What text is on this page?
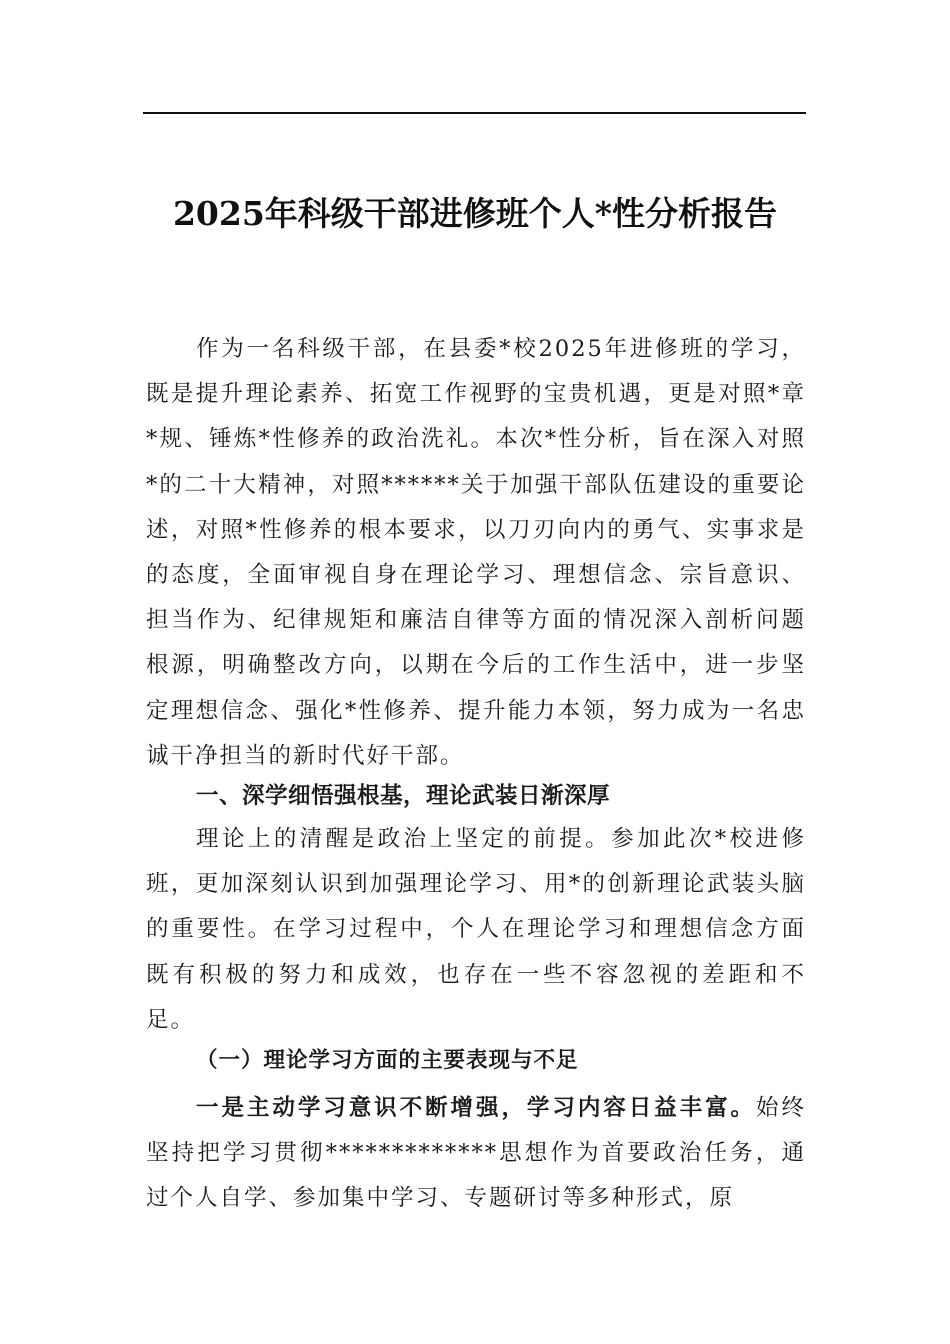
2025年科级干部进修班个人*性分析报告

作为一名科级干部，在县委*校2025年进修班的学习，既是提升理论素养、拓宽工作视野的宝贵机遇，更是对照*章*规、锤炼*性修养的政治洗礼。本次*性分析，旨在深入对照*的二十大精神，对照******关于加强干部队伍建设的重要论述，对照*性修养的根本要求，以刀刃向内的勇气、实事求是的态度，全面审视自身在理论学习、理想信念、宗旨意识、担当作为、纪律规矩和廉洁自律等方面的情况深入剖析问题根源，明确整改方向，以期在今后的工作生活中，进一步坚定理想信念、强化*性修养、提升能力本领，努力成为一名忠诚干净担当的新时代好干部。

一、深学细悟强根基，理论武装日渐深厚

理论上的清醒是政治上坚定的前提。参加此次*校进修班，更加深刻认识到加强理论学习、用*的创新理论武装头脑的重要性。在学习过程中，个人在理论学习和理想信念方面既有积极的努力和成效，也存在一些不容忽视的差距和不足。

（一）理论学习方面的主要表现与不足

一是主动学习意识不断增强，学习内容日益丰富。始终坚持把学习贯彻*************思想作为首要政治任务，通过个人自学、参加集中学习、专题研讨等多种形式，原
